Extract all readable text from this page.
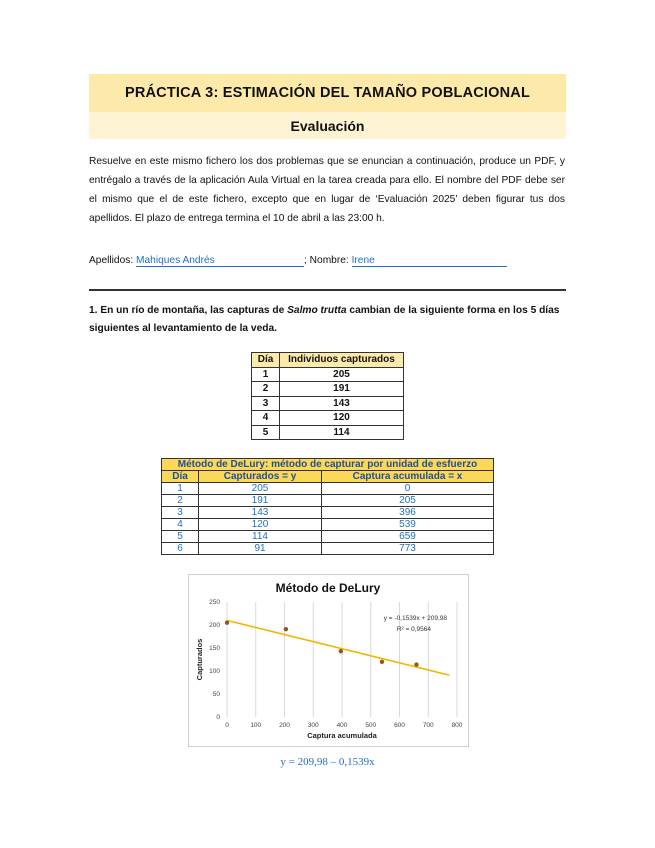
PRÁCTICA 3: ESTIMACIÓN DEL TAMAÑO POBLACIONAL
Evaluación
Resuelve en este mismo fichero los dos problemas que se enuncian a continuación, produce un PDF, y entrégalo a través de la aplicación Aula Virtual en la tarea creada para ello. El nombre del PDF debe ser el mismo que el de este fichero, excepto que en lugar de ‘Evaluación 2025’ deben figurar tus dos apellidos. El plazo de entrega termina el 10 de abril a las 23:00 h.
Apellidos: Mahiques Andrés	; Nombre: Irene
1. En un río de montaña, las capturas de Salmo trutta cambian de la siguiente forma en los 5 días siguientes al levantamiento de la veda.
Día	Individuos capturados
1	205
2	191
3	143
4	120
5	114
Método de DeLury: método de capturar por unidad de esfuerzo		
Día	Capturados = y	Captura acumulada = x
1	205	0
2	191	205
3	143	396
4	120	539
5	114	659
6	91	773
Método de DeLury
0	100	200	300	400	500	600	700	800
0
50
100
150
200
250
y = -0,1539x + 209,98
R² = 0,9564
Captura acumulada
Capturados
y = 209,98 – 0,1539x
